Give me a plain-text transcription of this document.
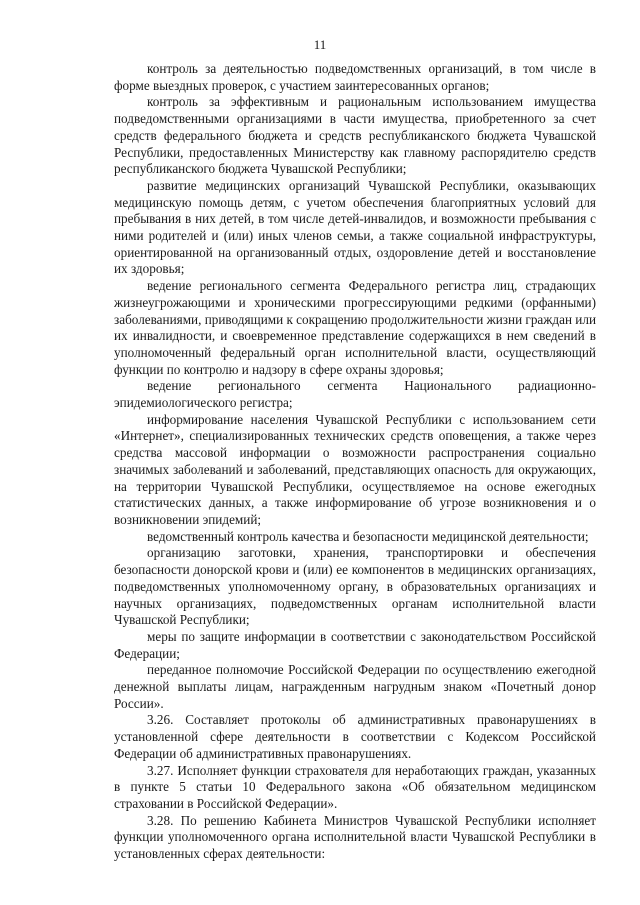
11

контроль за деятельностью подведомственных организаций, в том числе в форме выездных проверок, с участием заинтересованных органов;

контроль за эффективным и рациональным использованием имущества подведомственными организациями в части имущества, приобретенного за счет средств федерального бюджета и средств республиканского бюджета Чувашской Республики, предоставленных Министерству как главному распорядителю средств республиканского бюджета Чувашской Республики;

развитие медицинских организаций Чувашской Республики, оказывающих медицинскую помощь детям, с учетом обеспечения благоприятных условий для пребывания в них детей, в том числе детей-инвалидов, и возможности пребывания с ними родителей и (или) иных членов семьи, а также социальной инфраструктуры, ориентированной на организованный отдых, оздоровление детей и восстановление их здоровья;

ведение регионального сегмента Федерального регистра лиц, страдающих жизнеугрожающими и хроническими прогрессирующими редкими (орфанными) заболеваниями, приводящими к сокращению продолжительности жизни граждан или их инвалидности, и своевременное представление содержащихся в нем сведений в уполномоченный федеральный орган исполнительной власти, осуществляющий функции по контролю и надзору в сфере охраны здоровья;

ведение регионального сегмента Национального радиационно-эпидемиологического регистра;

информирование населения Чувашской Республики с использованием сети «Интернет», специализированных технических средств оповещения, а также через средства массовой информации о возможности распространения социально значимых заболеваний и заболеваний, представляющих опасность для окружающих, на территории Чувашской Республики, осуществляемое на основе ежегодных статистических данных, а также информирование об угрозе возникновения и о возникновении эпидемий;

ведомственный контроль качества и безопасности медицинской деятельности;

организацию заготовки, хранения, транспортировки и обеспечения безопасности донорской крови и (или) ее компонентов в медицинских организациях, подведомственных уполномоченному органу, в образовательных организациях и научных организациях, подведомственных органам исполнительной власти Чувашской Республики;

меры по защите информации в соответствии с законодательством Российской Федерации;

переданное полномочие Российской Федерации по осуществлению ежегодной денежной выплаты лицам, награжденным нагрудным знаком «Почетный донор России».

3.26. Составляет протоколы об административных правонарушениях в установленной сфере деятельности в соответствии с Кодексом Российской Федерации об административных правонарушениях.

3.27. Исполняет функции страхователя для неработающих граждан, указанных в пункте 5 статьи 10 Федерального закона «Об обязательном медицинском страховании в Российской Федерации».

3.28. По решению Кабинета Министров Чувашской Республики исполняет функции уполномоченного органа исполнительной власти Чувашской Республики в установленных сферах деятельности:
